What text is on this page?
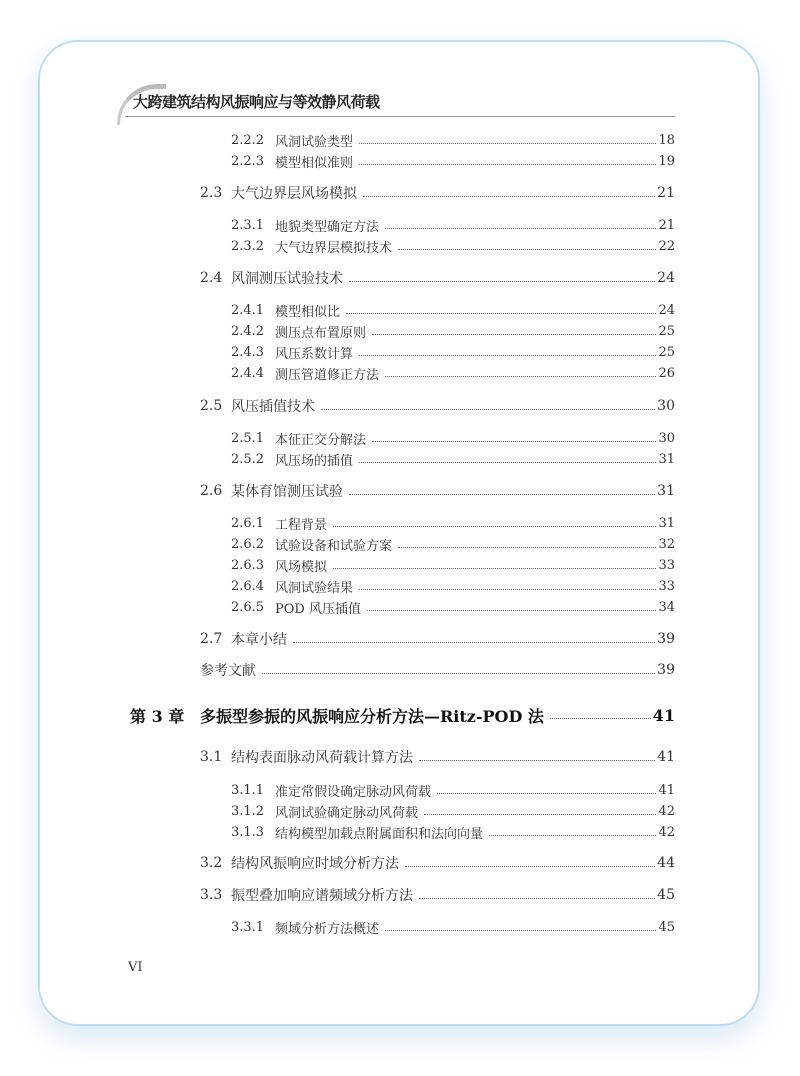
大跨建筑结构风振响应与等效静风荷载
2.2.2 风洞试验类型	18
2.2.3 模型相似准则	19
2.3 大气边界层风场模拟	21
2.3.1 地貌类型确定方法	21
2.3.2 大气边界层模拟技术	22
2.4 风洞测压试验技术	24
2.4.1 模型相似比	24
2.4.2 测压点布置原则	25
2.4.3 风压系数计算	25
2.4.4 测压管道修正方法	26
2.5 风压插值技术	30
2.5.1 本征正交分解法	30
2.5.2 风压场的插值	31
2.6 某体育馆测压试验	31
2.6.1 工程背景	31
2.6.2 试验设备和试验方案	32
2.6.3 风场模拟	33
2.6.4 风洞试验结果	33
2.6.5 POD 风压插值	34
2.7 本章小结	39
参考文献	39
第 3 章 多振型参振的风振响应分析方法—Ritz-POD 法	41
3.1 结构表面脉动风荷载计算方法	41
3.1.1 准定常假设确定脉动风荷载	41
3.1.2 风洞试验确定脉动风荷载	42
3.1.3 结构模型加载点附属面积和法向向量	42
3.2 结构风振响应时域分析方法	44
3.3 振型叠加响应谱频域分析方法	45
3.3.1 频域分析方法概述	45
VI
